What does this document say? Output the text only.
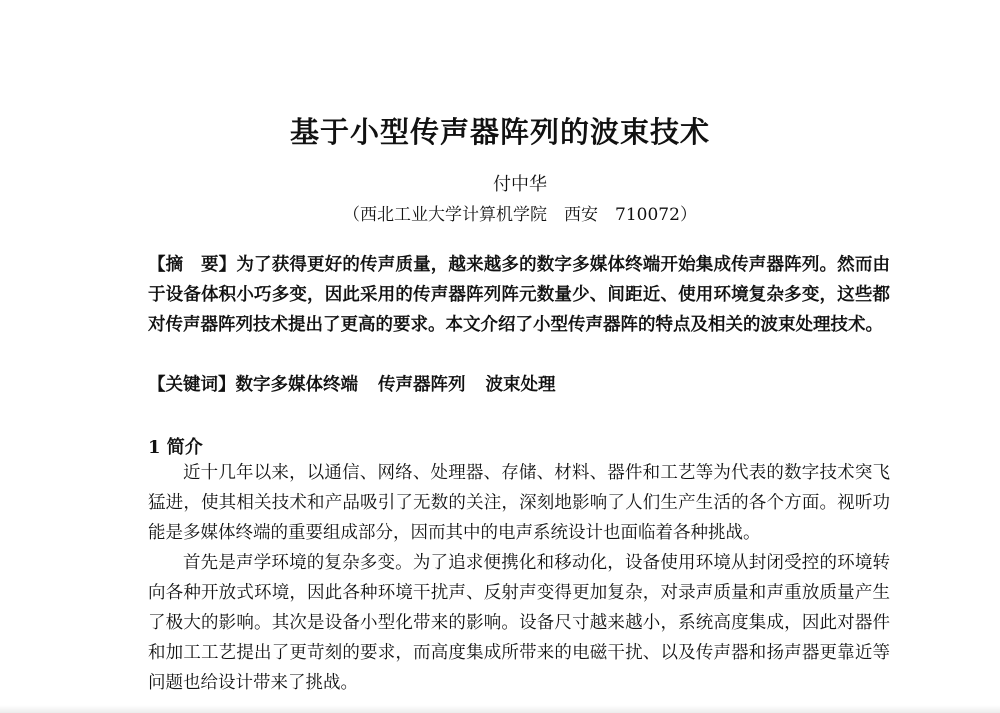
基于小型传声器阵列的波束技术
付中华
（西北工业大学计算机学院　西安　710072）
【摘　要】为了获得更好的传声质量，越来越多的数字多媒体终端开始集成传声器阵列。然而由于设备体积小巧多变，因此采用的传声器阵列阵元数量少、间距近、使用环境复杂多变，这些都对传声器阵列技术提出了更高的要求。本文介绍了小型传声器阵的特点及相关的波束处理技术。
【关键词】数字多媒体终端 传声器阵列 波束处理
1 简介

近十几年以来，以通信、网络、处理器、存储、材料、器件和工艺等为代表的数字技术突飞猛进，使其相关技术和产品吸引了无数的关注，深刻地影响了人们生产生活的各个方面。视听功能是多媒体终端的重要组成部分，因而其中的电声系统设计也面临着各种挑战。

首先是声学环境的复杂多变。为了追求便携化和移动化，设备使用环境从封闭受控的环境转向各种开放式环境，因此各种环境干扰声、反射声变得更加复杂，对录声质量和声重放质量产生了极大的影响。其次是设备小型化带来的影响。设备尺寸越来越小，系统高度集成，因此对器件和加工工艺提出了更苛刻的要求，而高度集成所带来的电磁干扰、以及传声器和扬声器更靠近等问题也给设计带来了挑战。
